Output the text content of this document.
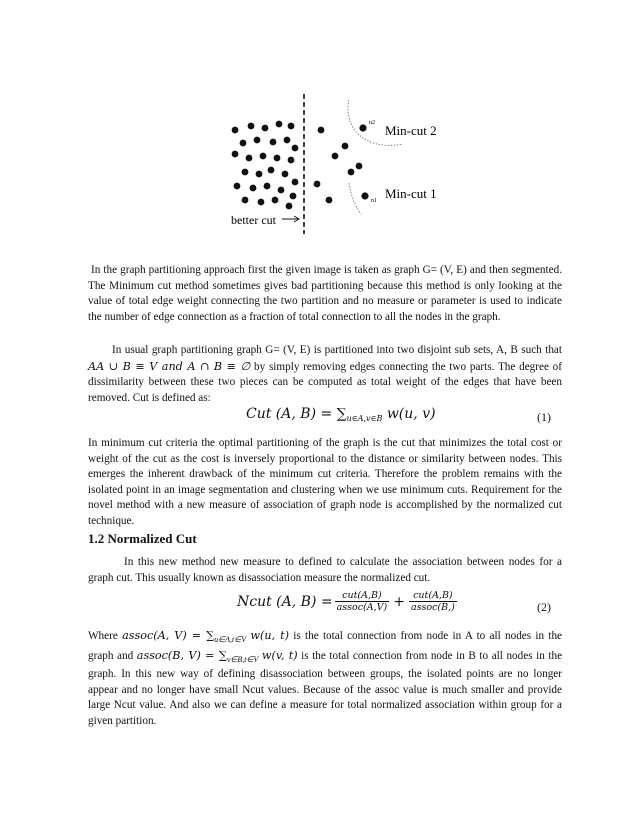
n2
n1
Min-cut 2
Min-cut 1
better cut

In the graph partitioning approach first the given image is taken as graph G= (V, E) and then segmented. The Minimum cut method sometimes gives bad partitioning because this method is only looking at the value of total edge weight connecting the two partition and no measure or parameter is used to indicate the number of edge connection as a fraction of total connection to all the nodes in the graph.

In usual graph partitioning graph G= (V, E) is partitioned into two disjoint sub sets, A, B such that AA ∪ B ≡ V and A ∩ B ≡ ∅ by simply removing edges connecting the two parts. The degree of dissimilarity between these two pieces can be computed as total weight of the edges that have been removed. Cut is defined as:

Cut (A, $B) = \sum_{u\in A,v\in B}$ w(u, v)	(1)

In minimum cut criteria the optimal partitioning of the graph is the cut that minimizes the total cost or weight of the cut as the cost is inversely proportional to the distance or similarity between nodes. This emerges the inherent drawback of the minimum cut criteria. Therefore the problem remains with the isolated point in an image segmentation and clustering when we use minimum cuts. Requirement for the novel method with a new measure of association of graph node is accomplished by the normalized cut technique.

1.2 Normalized Cut

In this new method new measure to defined to calculate the association between nodes for a graph cut. This usually known as disassociation measure the normalized cut.

Ncut (A, $B) = \frac{\text{cut(A,B)}}{\text{assoc(A,V)}} + \frac{\text{cut(A,B)}}{\text{assoc(B,)}}$	(2)

Where assoc(A, $V) = \sum_{u\in A,t\in V}$ w(u, t) is the total connection from node in A to all nodes in the graph and assoc(B, $V) = \sum_{v\in B,t\in V}$ w(v, t) is the total connection from node in B to all nodes in the graph. In this new way of defining disassociation between groups, the isolated points are no longer appear and no longer have small Ncut values. Because of the assoc value is much smaller and provide large Ncut value. And also we can define a measure for total normalized association within group for a given partition.
